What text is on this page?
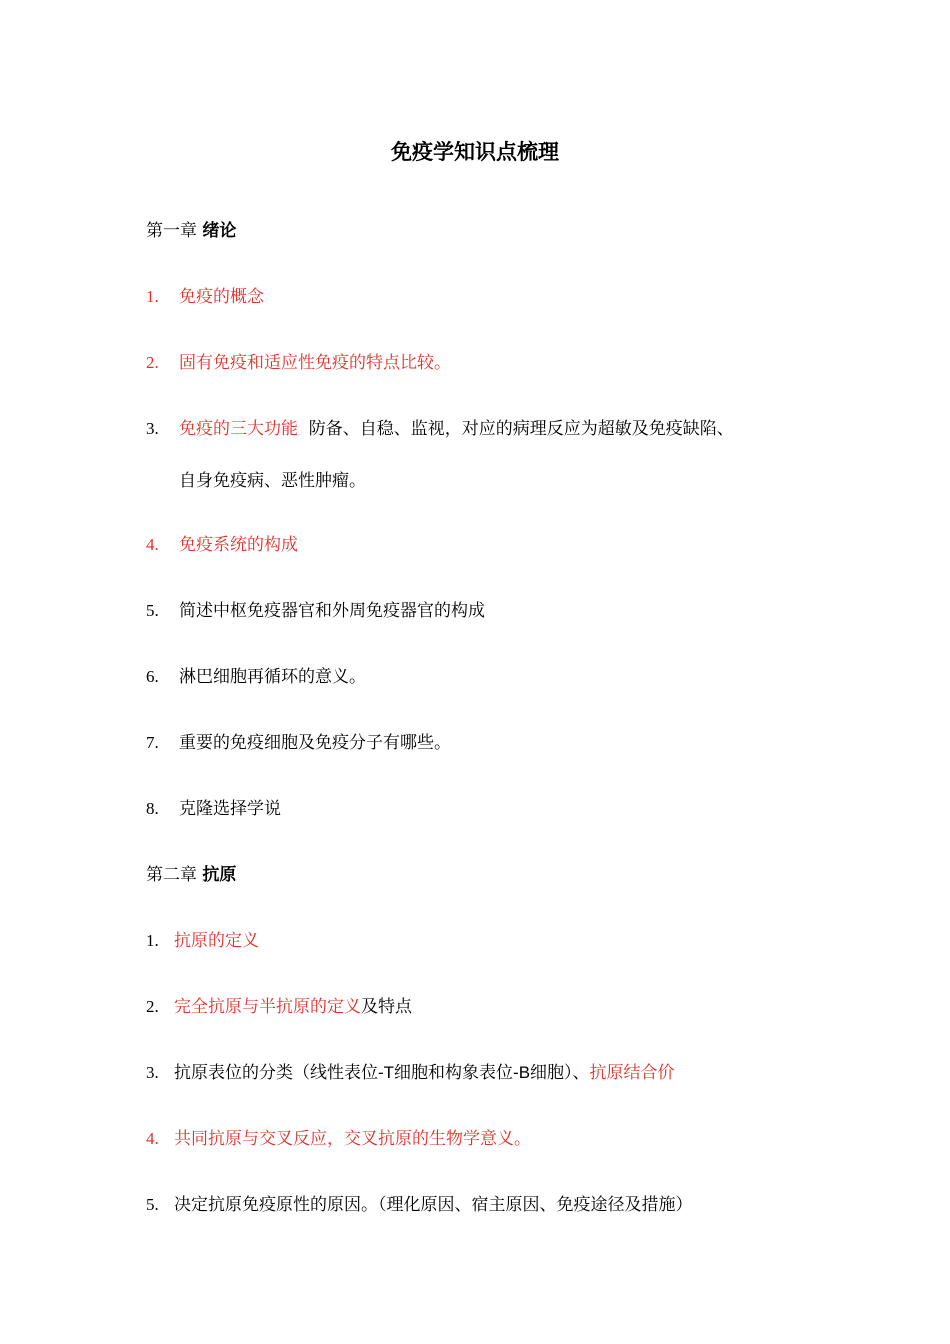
免疫学知识点梳理
第一章 绪论
1. 免疫的概念
2. 固有免疫和适应性免疫的特点比较。
3. 免疫的三大功能  防备、自稳、监视，对应的病理反应为超敏及免疫缺陷、
自身免疫病、恶性肿瘤。
4. 免疫系统的构成
5. 简述中枢免疫器官和外周免疫器官的构成
6. 淋巴细胞再循环的意义。
7. 重要的免疫细胞及免疫分子有哪些。
8. 克隆选择学说
第二章 抗原
1. 抗原的定义
2. 完全抗原与半抗原的定义及特点
3. 抗原表位的分类（线性表位-T细胞和构象表位-B细胞）、抗原结合价
4. 共同抗原与交叉反应，交叉抗原的生物学意义。
5. 决定抗原免疫原性的原因。（理化原因、宿主原因、免疫途径及措施）
